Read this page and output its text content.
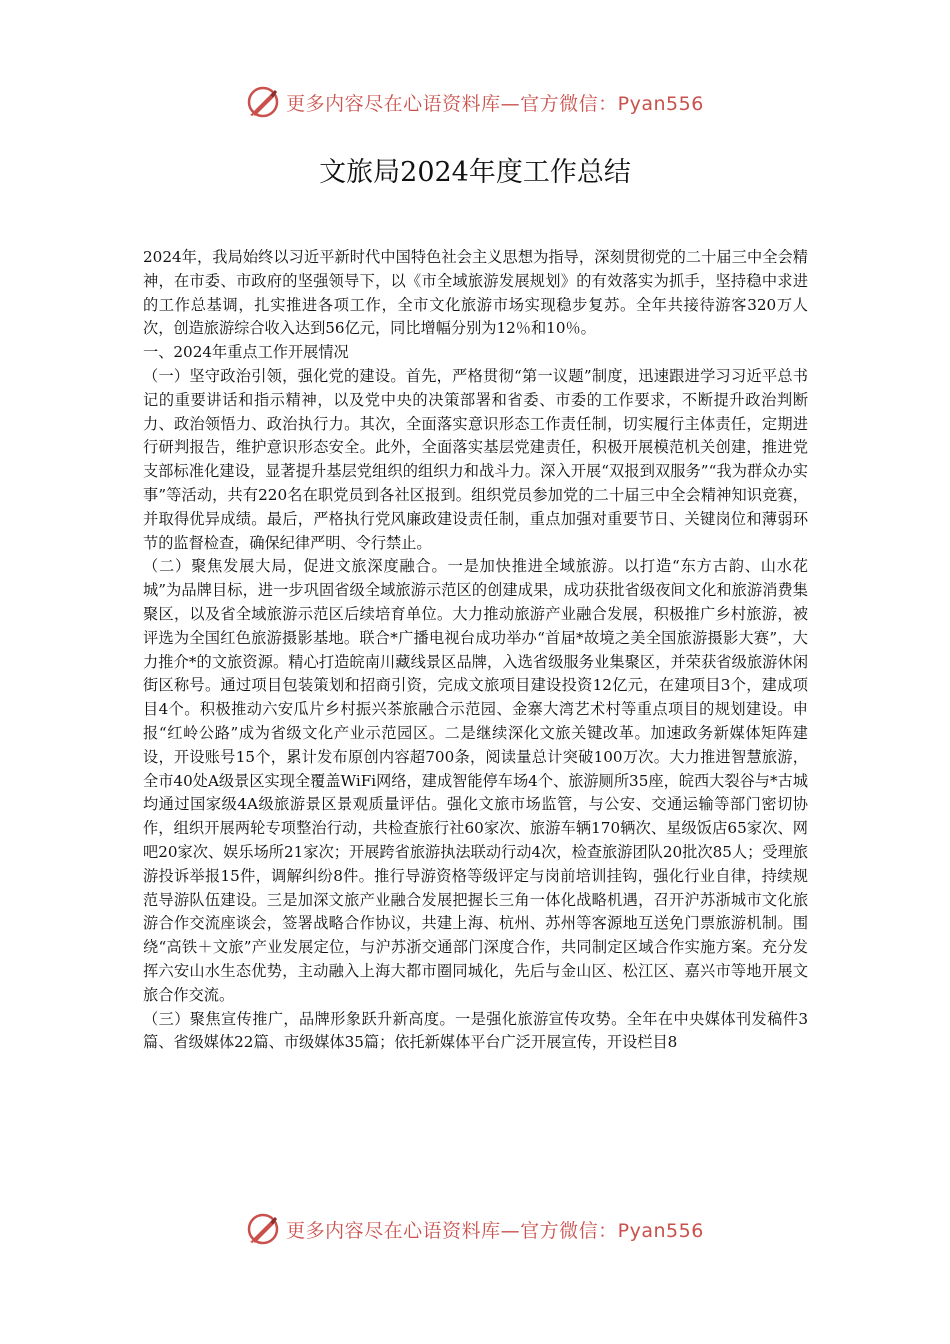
更多内容尽在心语资料库—官方微信：Pyan556
文旅局2024年度工作总结

2024年，我局始终以习近平新时代中国特色社会主义思想为指导，深刻贯彻党的二十届三中全会精神，在市委、市政府的坚强领导下，以《市全域旅游发展规划》的有效落实为抓手，坚持稳中求进的工作总基调，扎实推进各项工作，全市文化旅游市场实现稳步复苏。全年共接待游客320万人次，创造旅游综合收入达到56亿元，同比增幅分别为12％和10％。

一、2024年重点工作开展情况

（一）坚守政治引领，强化党的建设。首先，严格贯彻“第一议题”制度，迅速跟进学习习近平总书记的重要讲话和指示精神，以及党中央的决策部署和省委、市委的工作要求，不断提升政治判断力、政治领悟力、政治执行力。其次，全面落实意识形态工作责任制，切实履行主体责任，定期进行研判报告，维护意识形态安全。此外，全面落实基层党建责任，积极开展模范机关创建，推进党支部标准化建设，显著提升基层党组织的组织力和战斗力。深入开展“双报到双服务”“我为群众办实事”等活动，共有220名在职党员到各社区报到。组织党员参加党的二十届三中全会精神知识竞赛，并取得优异成绩。最后，严格执行党风廉政建设责任制，重点加强对重要节日、关键岗位和薄弱环节的监督检查，确保纪律严明、令行禁止。

（二）聚焦发展大局，促进文旅深度融合。一是加快推进全域旅游。以打造“东方古韵、山水花城”为品牌目标，进一步巩固省级全域旅游示范区的创建成果，成功获批省级夜间文化和旅游消费集聚区，以及省全域旅游示范区后续培育单位。大力推动旅游产业融合发展，积极推广乡村旅游，被评选为全国红色旅游摄影基地。联合*广播电视台成功举办“首届*故境之美全国旅游摄影大赛”，大力推介*的文旅资源。精心打造皖南川藏线景区品牌，入选省级服务业集聚区，并荣获省级旅游休闲街区称号。通过项目包装策划和招商引资，完成文旅项目建设投资12亿元，在建项目3个，建成项目4个。积极推动六安瓜片乡村振兴茶旅融合示范园、金寨大湾艺术村等重点项目的规划建设。申报“红岭公路”成为省级文化产业示范园区。二是继续深化文旅关键改革。加速政务新媒体矩阵建设，开设账号15个，累计发布原创内容超700条，阅读量总计突破100万次。大力推进智慧旅游，全市40处A级景区实现全覆盖WiFi网络，建成智能停车场4个、旅游厕所35座，皖西大裂谷与*古城均通过国家级4A级旅游景区景观质量评估。强化文旅市场监管，与公安、交通运输等部门密切协作，组织开展两轮专项整治行动，共检查旅行社60家次、旅游车辆170辆次、星级饭店65家次、网吧20家次、娱乐场所21家次；开展跨省旅游执法联动行动4次，检查旅游团队20批次85人；受理旅游投诉举报15件，调解纠纷8件。推行导游资格等级评定与岗前培训挂钩，强化行业自律，持续规范导游队伍建设。三是加深文旅产业融合发展把握长三角一体化战略机遇，召开沪苏浙城市文化旅游合作交流座谈会，签署战略合作协议，共建上海、杭州、苏州等客源地互送免门票旅游机制。围绕“高铁＋文旅”产业发展定位，与沪苏浙交通部门深度合作，共同制定区域合作实施方案。充分发挥六安山水生态优势，主动融入上海大都市圈同城化，先后与金山区、松江区、嘉兴市等地开展文旅合作交流。

（三）聚焦宣传推广，品牌形象跃升新高度。一是强化旅游宣传攻势。全年在中央媒体刊发稿件3篇、省级媒体22篇、市级媒体35篇；依托新媒体平台广泛开展宣传，开设栏目8

更多内容尽在心语资料库—官方微信：Pyan556
